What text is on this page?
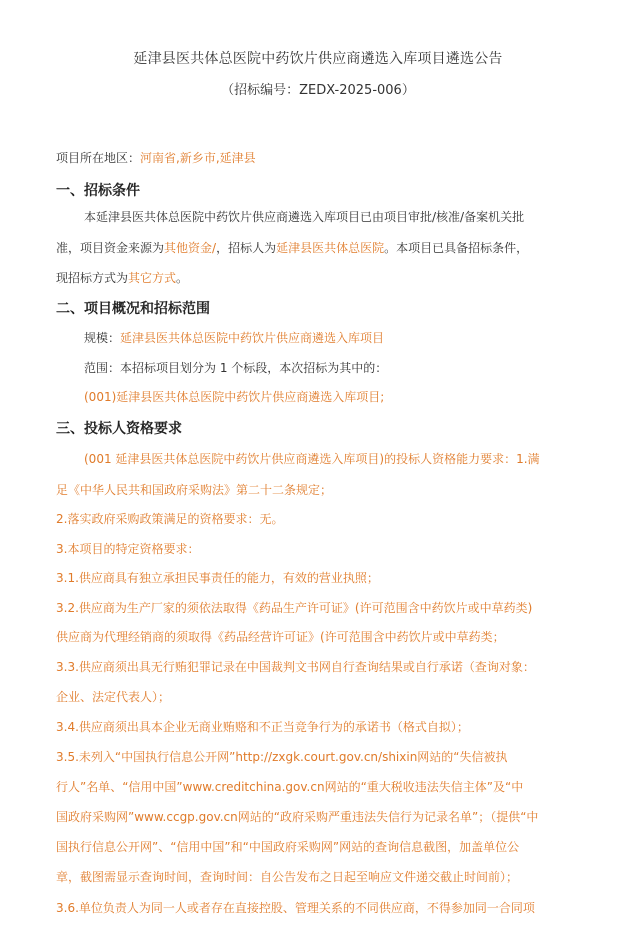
延津县医共体总医院中药饮片供应商遴选入库项目遴选公告
（招标编号：ZEDX-2025-006）
项目所在地区：河南省,新乡市,延津县
一、招标条件
本延津县医共体总医院中药饮片供应商遴选入库项目已由项目审批/核准/备案机关批
准，项目资金来源为其他资金/，招标人为延津县医共体总医院。本项目已具备招标条件，
现招标方式为其它方式。
二、项目概况和招标范围
规模：延津县医共体总医院中药饮片供应商遴选入库项目
范围：本招标项目划分为 1 个标段，本次招标为其中的：
(001)延津县医共体总医院中药饮片供应商遴选入库项目;
三、投标人资格要求
(001 延津县医共体总医院中药饮片供应商遴选入库项目)的投标人资格能力要求：1.满
足《中华人民共和国政府采购法》第二十二条规定；
2.落实政府采购政策满足的资格要求：无。
3.本项目的特定资格要求：
3.1.供应商具有独立承担民事责任的能力，有效的营业执照；
3.2.供应商为生产厂家的须依法取得《药品生产许可证》(许可范围含中药饮片或中草药类)
供应商为代理经销商的须取得《药品经营许可证》(许可范围含中药饮片或中草药类；
3.3.供应商须出具无行贿犯罪记录在中国裁判文书网自行查询结果或自行承诺（查询对象：
企业、法定代表人）；
3.4.供应商须出具本企业无商业贿赂和不正当竞争行为的承诺书（格式自拟）；
3.5.未列入“中国执行信息公开网”http://zxgk.court.gov.cn/shixin网站的“失信被执
行人”名单、“信用中国”www.creditchina.gov.cn网站的“重大税收违法失信主体”及“中
国政府采购网”www.ccgp.gov.cn网站的“政府采购严重违法失信行为记录名单”；（提供“中
国执行信息公开网”、“信用中国”和“中国政府采购网”网站的查询信息截图，加盖单位公
章，截图需显示查询时间，查询时间：自公告发布之日起至响应文件递交截止时间前）；
3.6.单位负责人为同一人或者存在直接控股、管理关系的不同供应商，不得参加同一合同项
